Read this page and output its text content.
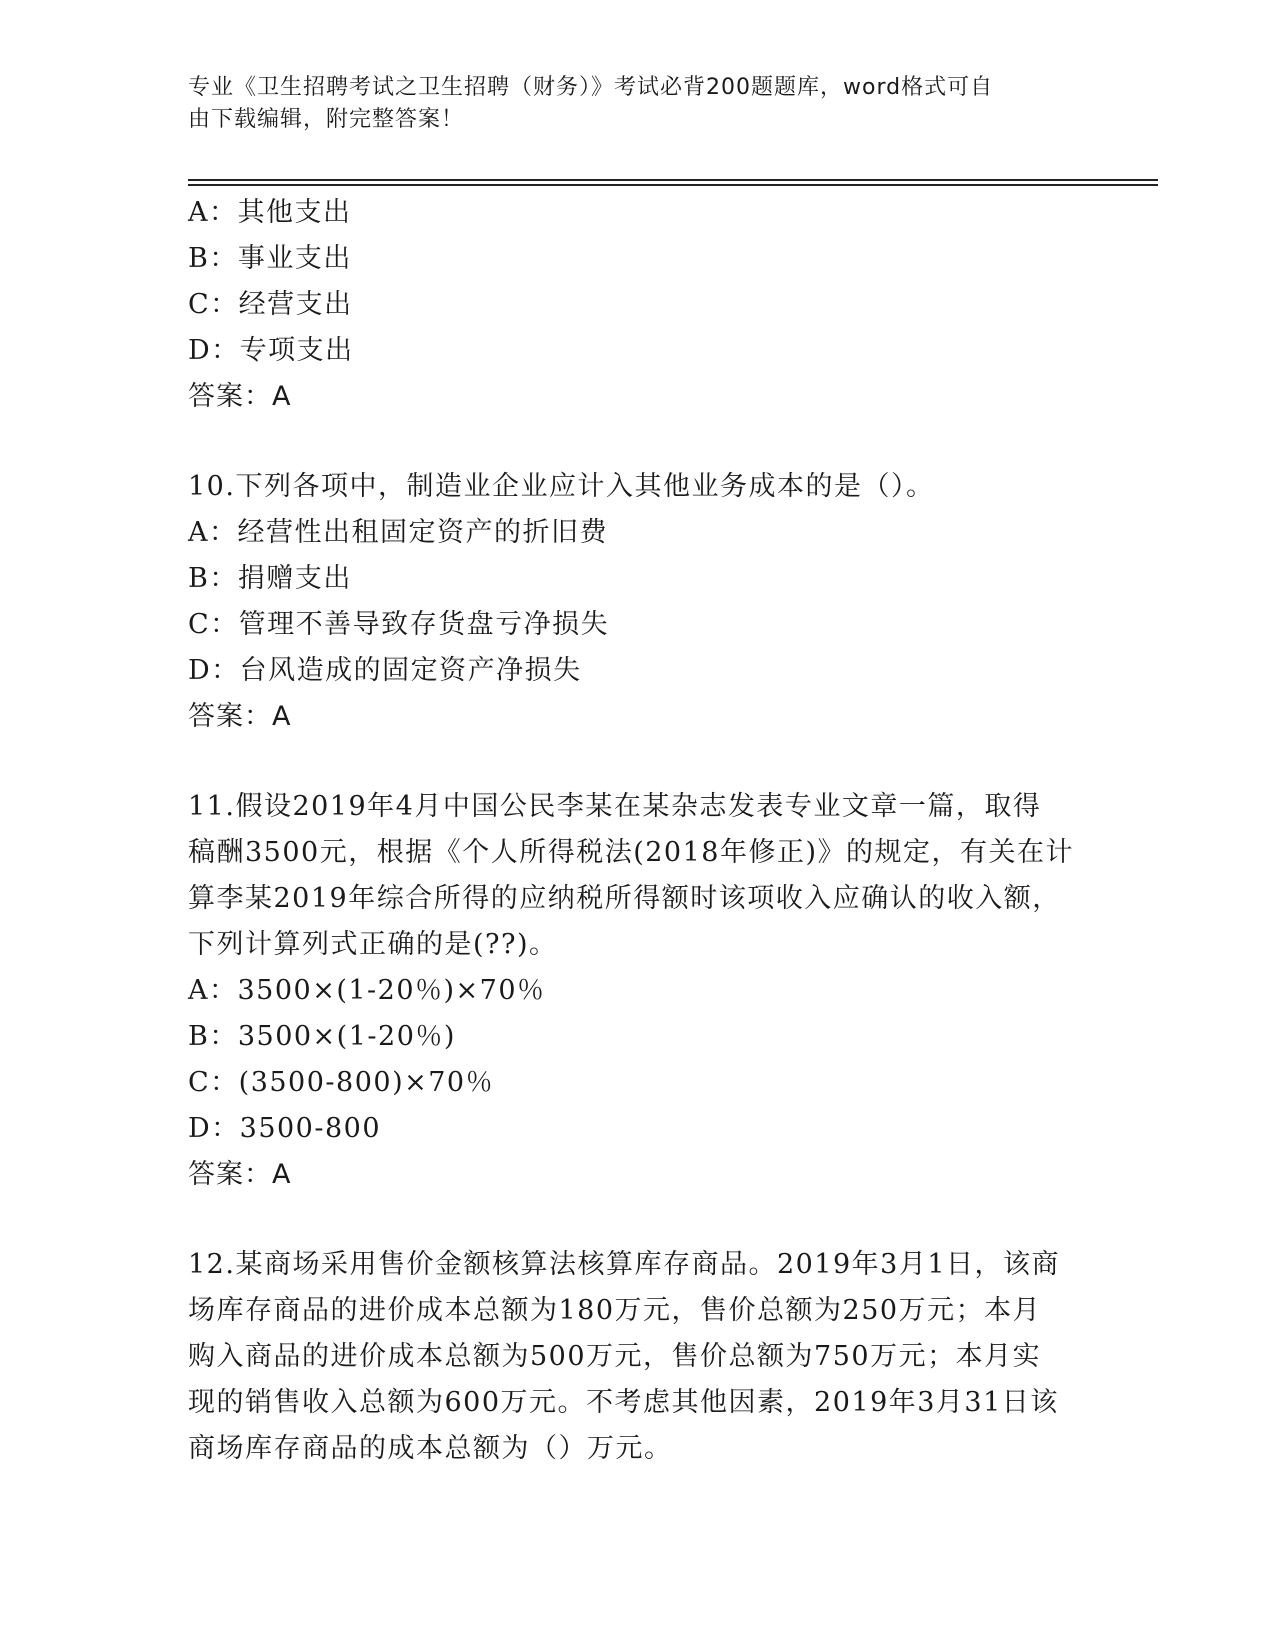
专业《卫生招聘考试之卫生招聘（财务）》考试必背200题题库，word格式可自
由下载编辑，附完整答案！
A：其他支出
B：事业支出
C：经营支出
D：专项支出
答案：A
10.下列各项中，制造业企业应计入其他业务成本的是（）。
A：经营性出租固定资产的折旧费
B：捐赠支出
C：管理不善导致存货盘亏净损失
D：台风造成的固定资产净损失
答案：A
11.假设2019年4月中国公民李某在某杂志发表专业文章一篇，取得
稿酬3500元，根据《个人所得税法(2018年修正)》的规定，有关在计
算李某2019年综合所得的应纳税所得额时该项收入应确认的收入额，
下列计算列式正确的是(??)。
A：3500×(1-20％)×70％
B：3500×(1-20％)
C：(3500-800)×70％
D：3500-800
答案：A
12.某商场采用售价金额核算法核算库存商品。2019年3月1日，该商
场库存商品的进价成本总额为180万元，售价总额为250万元；本月
购入商品的进价成本总额为500万元，售价总额为750万元；本月实
现的销售收入总额为600万元。不考虑其他因素，2019年3月31日该
商场库存商品的成本总额为（）万元。
